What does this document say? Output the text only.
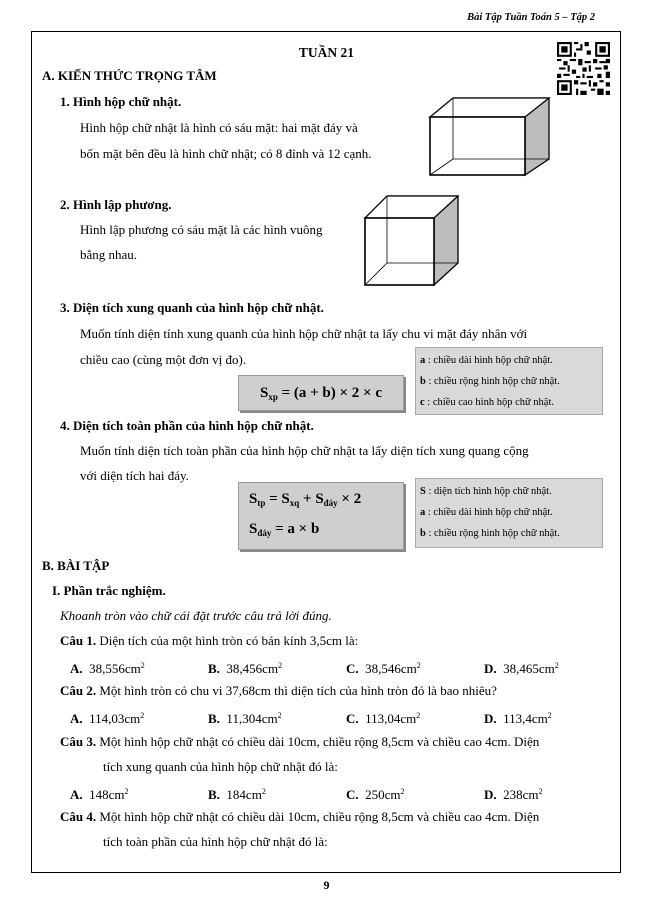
Bài Tập Tuần Toán 5 – Tập 2
TUẦN 21
A. KIẾN THỨC TRỌNG TÂM
1. Hình hộp chữ nhật.
Hình hộp chữ nhật là hình có sáu mặt: hai mặt đáy và
bốn mặt bên đều là hình chữ nhật; có 8 đỉnh và 12 cạnh.
2. Hình lập phương.
Hình lập phương có sáu mặt là các hình vuông
bằng nhau.
3. Diện tích xung quanh của hình hộp chữ nhật.
Muốn tính diện tính xung quanh của hình hộp chữ nhật ta lấy chu vi mặt đáy nhân với
chiều cao (cùng một đơn vị đo).
$S_{xp} = (a + b) \times 2 \times c$
a : chiều dài hình hộp chữ nhật.
b : chiều rộng hình hộp chữ nhật.
c : chiều cao hình hộp chữ nhật.
4. Diện tích toàn phần của hình hộp chữ nhật.
Muốn tính diện tích toàn phần của hình hộp chữ nhật ta lấy diện tích xung quang cộng
với diện tích hai đáy.
$S_{tp} = S_{xq} + S_{đáy} \times 2$
$S_{đáy} = a \times b$
S : diện tích hình hộp chữ nhật.
a : chiều dài hình hộp chữ nhật.
b : chiều rộng hình hộp chữ nhật.
B. BÀI TẬP
I. Phần trắc nghiệm.
Khoanh tròn vào chữ cái đặt trước câu trả lời đúng.
Câu 1. Diện tích của một hình tròn có bán kính 3,5cm là:
A. $38,556cm^2$	B. $38,456cm^2$	C. $38,546cm^2$	D. $38,465cm^2$
Câu 2. Một hình tròn có chu vi 37,68cm thì diện tích của hình tròn đó là bao nhiêu?
A. $114,03cm^2$	B. $11,304cm^2$	C. $113,04cm^2$	D. $113,4cm^2$
Câu 3. Một hình hộp chữ nhật có chiều dài 10cm, chiều rộng 8,5cm và chiều cao 4cm. Diện
tích xung quanh của hình hộp chữ nhật đó là:
A. $148cm^2$	B. $184cm^2$	C. $250cm^2$	D. $238cm^2$
Câu 4. Một hình hộp chữ nhật có chiều dài 10cm, chiều rộng 8,5cm và chiều cao 4cm. Diện
tích toàn phần của hình hộp chữ nhật đó là:
9
